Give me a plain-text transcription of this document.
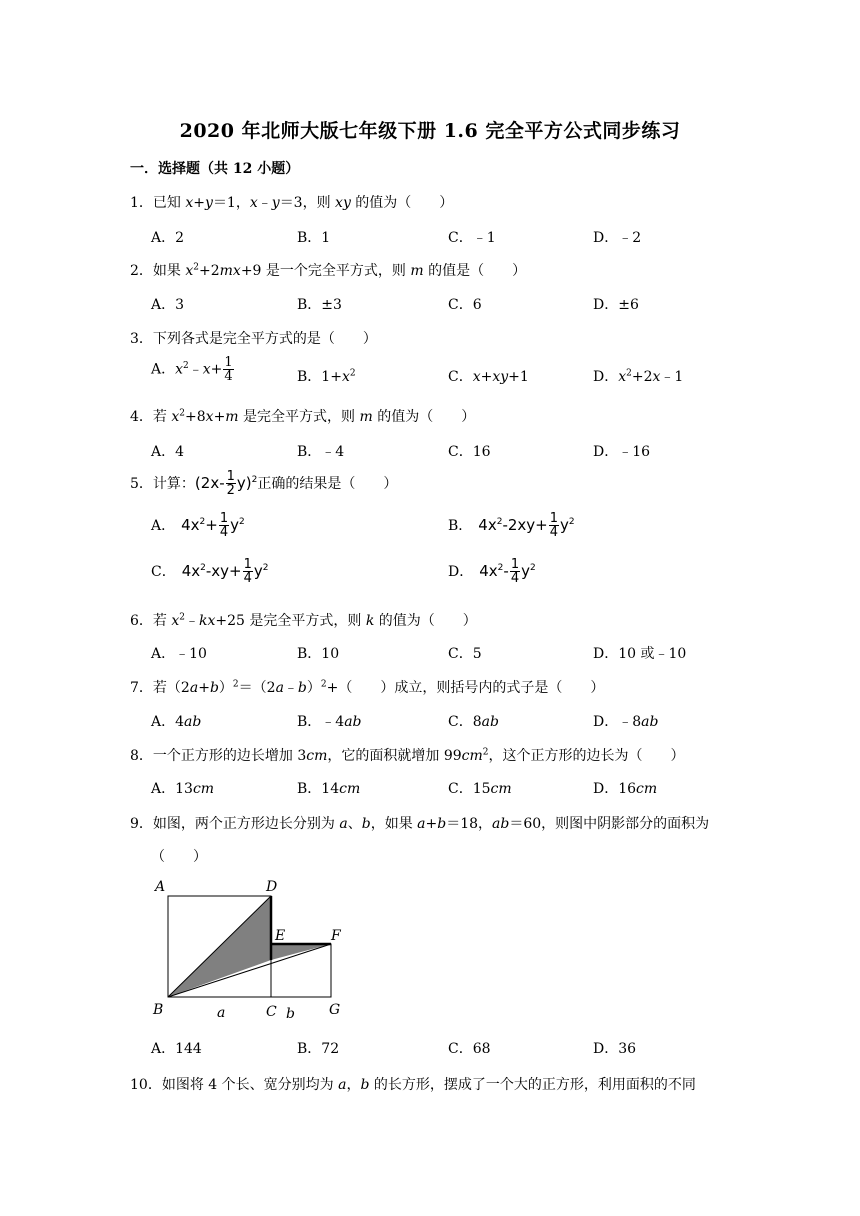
2020 年北师大版七年级下册 1.6 完全平方公式同步练习
一．选择题（共 12 小题）
1．已知 x+y＝1，x﹣y＝3，则 xy 的值为（　　）
A．2	B．1	C．﹣1	D．﹣2
2．如果 $x^2+2mx+9$ 是一个完全平方式，则 m 的值是（　　）
A．3	B．±3	C．6	D．±6
3．下列各式是完全平方式的是（　　）
A．$x^2﹣x+ \frac{1}{4}$	B．$1+x^2$	C．x+xy+1	D．$x^2+2x﹣1$
4．若 $x^2+8x+m$ 是完全平方式，则 m 的值为（　　）
A．4	B．﹣4	C．16	D．﹣16
5．计算：$(2x- \frac{1}{2} y)^2$正确的结果是（　　）
A． $4x^2+ \frac{1}{4} y^2$	B． $4x^2-2xy+ \frac{1}{4} y^2$
C． $4x^2-xy+ \frac{1}{4} y^2$	D． $4x^2- \frac{1}{4} y^2$
6．若 $x^2﹣kx+25$ 是完全平方式，则 k 的值为（　　）
A．﹣10	B．10	C．5	D．10 或﹣10
7．若$(2a+b)^2=(2a﹣b)^2+$（　　）成立，则括号内的式子是（　　）
A．4ab	B．﹣4ab	C．8ab	D．﹣8ab
8．一个正方形的边长增加 3cm，它的面积就增加 $99cm^2$，这个正方形的边长为（　　）
A．13cm	B．14cm	C．15cm	D．16cm
9．如图，两个正方形边长分别为 a、b，如果 a+b＝18，ab＝60，则图中阴影部分的面积为
（　　）
A	D
E	F
B	C	G
a	b
A．144	B．72	C．68	D．36
10．如图将 4 个长、宽分别均为 a，b 的长方形，摆成了一个大的正方形，利用面积的不同
